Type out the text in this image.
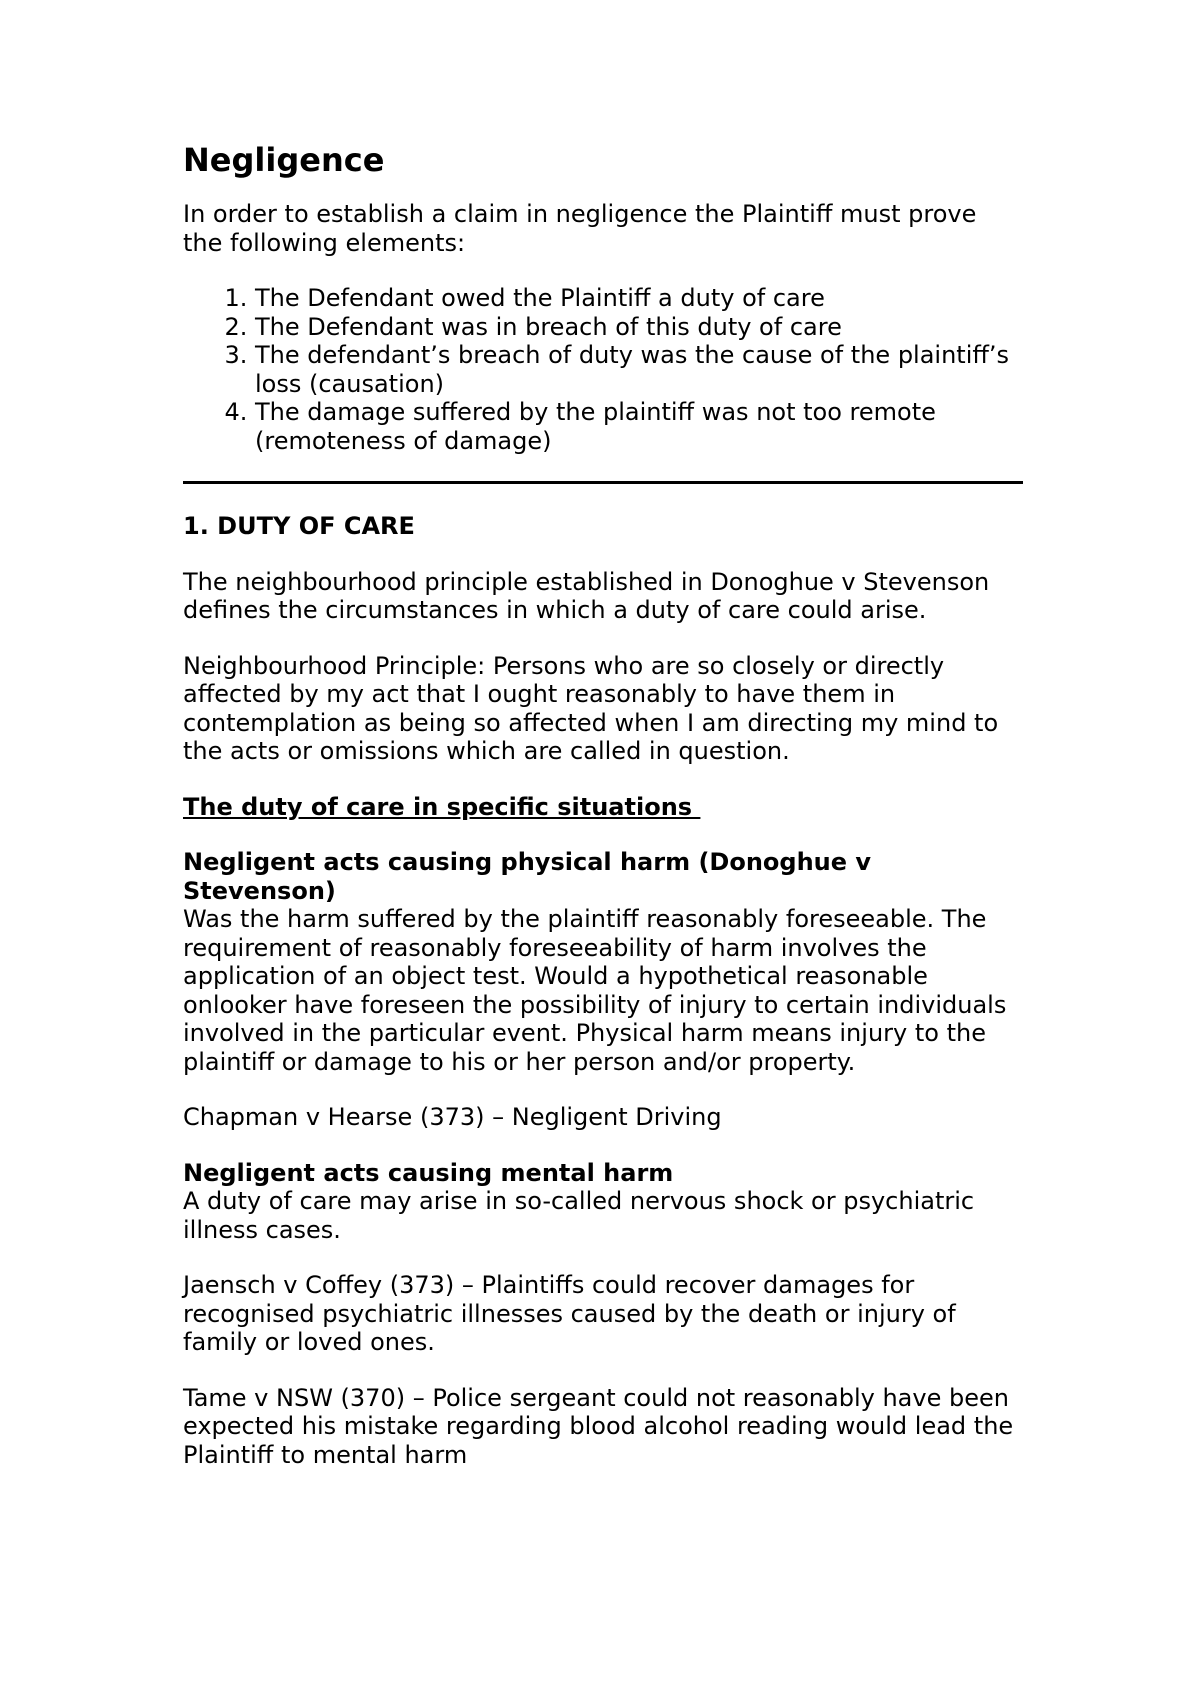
Negligence

In order to establish a claim in negligence the Plaintiff must prove the following elements:

1. The Defendant owed the Plaintiff a duty of care
2. The Defendant was in breach of this duty of care
3. The defendant’s breach of duty was the cause of the plaintiff’s loss (causation)
4. The damage suffered by the plaintiff was not too remote (remoteness of damage)
1. DUTY OF CARE

The neighbourhood principle established in Donoghue v Stevenson defines the circumstances in which a duty of care could arise.

Neighbourhood Principle: Persons who are so closely or directly affected by my act that I ought reasonably to have them in contemplation as being so affected when I am directing my mind to the acts or omissions which are called in question.

The duty of care in specific situations
Negligent acts causing physical harm (Donoghue v Stevenson)

Was the harm suffered by the plaintiff reasonably foreseeable. The requirement of reasonably foreseeability of harm involves the application of an object test. Would a hypothetical reasonable onlooker have foreseen the possibility of injury to certain individuals involved in the particular event. Physical harm means injury to the plaintiff or damage to his or her person and/or property.

Chapman v Hearse (373) – Negligent Driving

Negligent acts causing mental harm

A duty of care may arise in so-called nervous shock or psychiatric illness cases.

Jaensch v Coffey (373) – Plaintiffs could recover damages for recognised psychiatric illnesses caused by the death or injury of family or loved ones.

Tame v NSW (370) – Police sergeant could not reasonably have been expected his mistake regarding blood alcohol reading would lead the Plaintiff to mental harm
